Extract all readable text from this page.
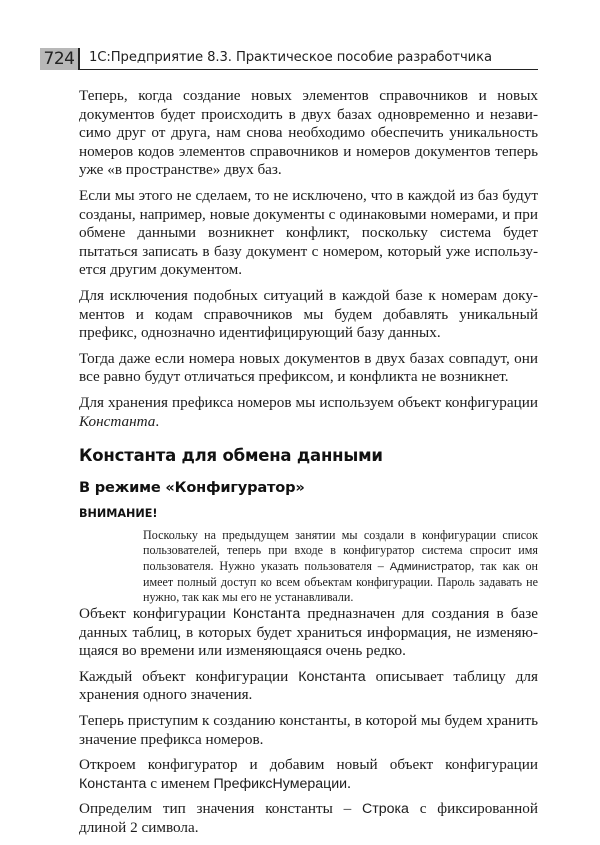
724	1С:Предприятие 8.3. Практическое пособие разработчика

Теперь, когда создание новых элементов справочников и новых документов будет происходить в двух базах одновременно и независимо друг от друга, нам снова необходимо обеспечить уникальность номеров кодов элементов справочников и номеров документов теперь уже «в пространстве» двух баз.

Если мы этого не сделаем, то не исключено, что в каждой из баз будут созданы, например, новые документы с одинаковыми номерами, и при обмене данными возникнет конфликт, поскольку система будет пытаться записать в базу документ с номером, который уже используется другим документом.

Для исключения подобных ситуаций в каждой базе к номерам документов и кодам справочников мы будем добавлять уникальный префикс, однозначно идентифицирующий базу данных.

Тогда даже если номера новых документов в двух базах совпадут, они все равно будут отличаться префиксом, и конфликта не возникнет.

Для хранения префикса номеров мы используем объект конфигурации Константа.

Константа для обмена данными
В режиме «Конфигуратор»
ВНИМАНИЕ!

Поскольку на предыдущем занятии мы создали в конфигурации список пользователей, теперь при входе в конфигуратор система спросит имя пользователя. Нужно указать пользователя – Администратор, так как он имеет полный доступ ко всем объектам конфигурации. Пароль задавать не нужно, так как мы его не устанавливали.

Объект конфигурации Константа предназначен для создания в базе данных таблиц, в которых будет храниться информация, не изменяющаяся во времени или изменяющаяся очень редко.

Каждый объект конфигурации Константа описывает таблицу для хранения одного значения.

Теперь приступим к созданию константы, в которой мы будем хранить значение префикса номеров.

Откроем конфигуратор и добавим новый объект конфигурации Константа с именем ПрефиксНумерации.

Определим тип значения константы – Строка с фиксированной длиной 2 символа.
